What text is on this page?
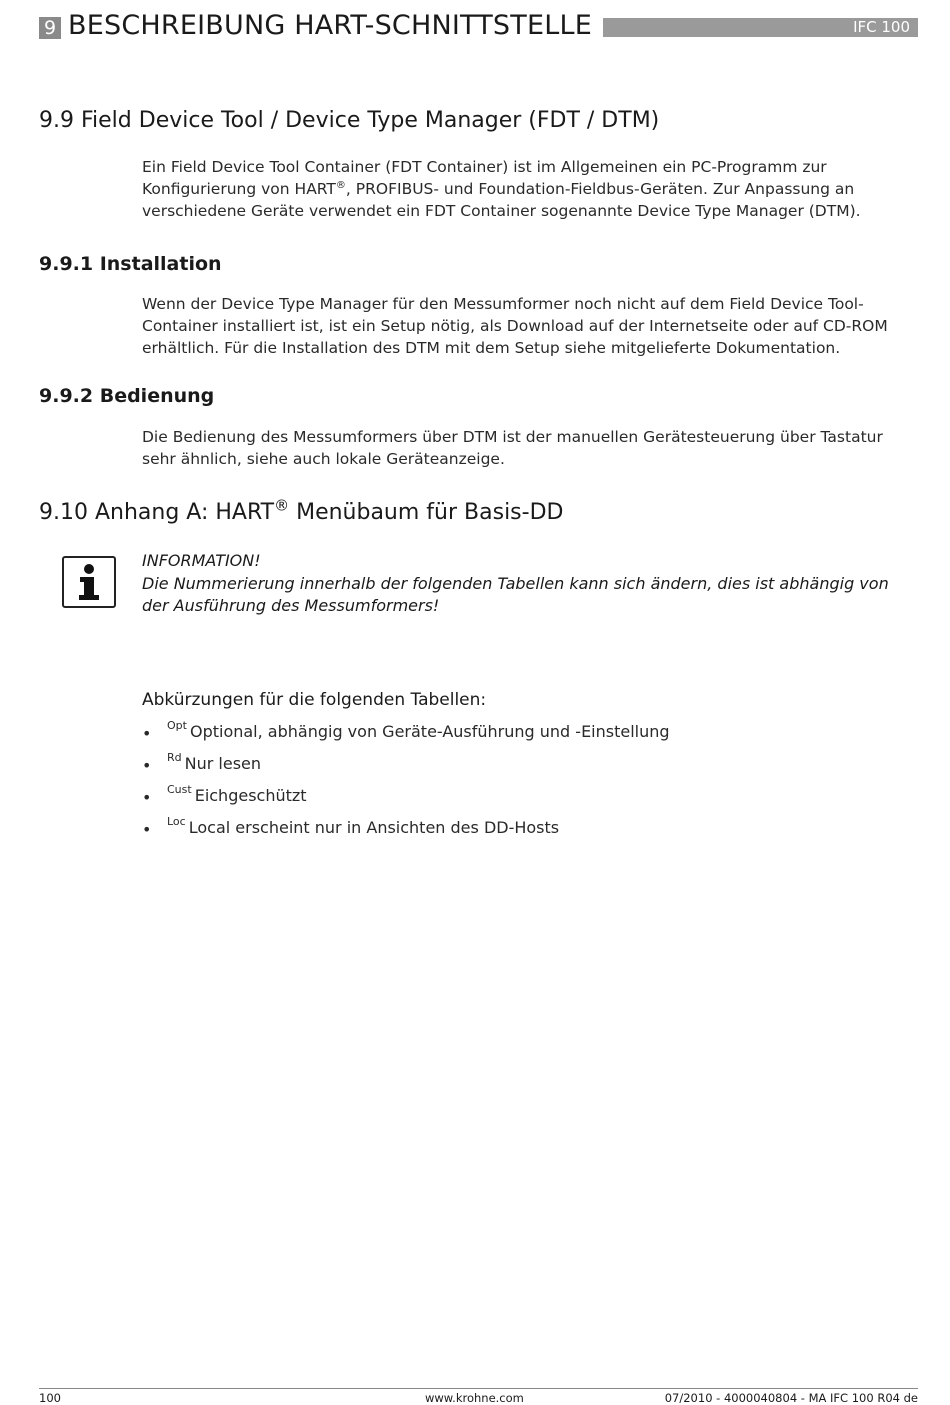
9 BESCHREIBUNG HART-SCHNITTSTELLE	IFC 100
9.9 Field Device Tool / Device Type Manager (FDT / DTM)

Ein Field Device Tool Container (FDT Container) ist im Allgemeinen ein PC-Programm zur
Konfigurierung von HART®, PROFIBUS- und Foundation-Fieldbus-Geräten. Zur Anpassung an
verschiedene Geräte verwendet ein FDT Container sogenannte Device Type Manager (DTM).

9.9.1 Installation

Wenn der Device Type Manager für den Messumformer noch nicht auf dem Field Device Tool-
Container installiert ist, ist ein Setup nötig, als Download auf der Internetseite oder auf CD-ROM
erhältlich. Für die Installation des DTM mit dem Setup siehe mitgelieferte Dokumentation.

9.9.2 Bedienung

Die Bedienung des Messumformers über DTM ist der manuellen Gerätesteuerung über Tastatur
sehr ähnlich, siehe auch lokale Geräteanzeige.

9.10 Anhang A: HART® Menübaum für Basis-DD
INFORMATION!

Die Nummerierung innerhalb der folgenden Tabellen kann sich ändern, dies ist abhängig von
der Ausführung des Messumformers!

Abkürzungen für die folgenden Tabellen:
• $^{Opt}$ Optional, abhängig von Geräte-Ausführung und -Einstellung
• $^{Rd}$ Nur lesen
• $^{Cust}$ Eichgeschützt
• $^{Loc}$ Local erscheint nur in Ansichten des DD-Hosts
100	www.krohne.com	07/2010 - 4000040804 - MA IFC 100 R04 de
